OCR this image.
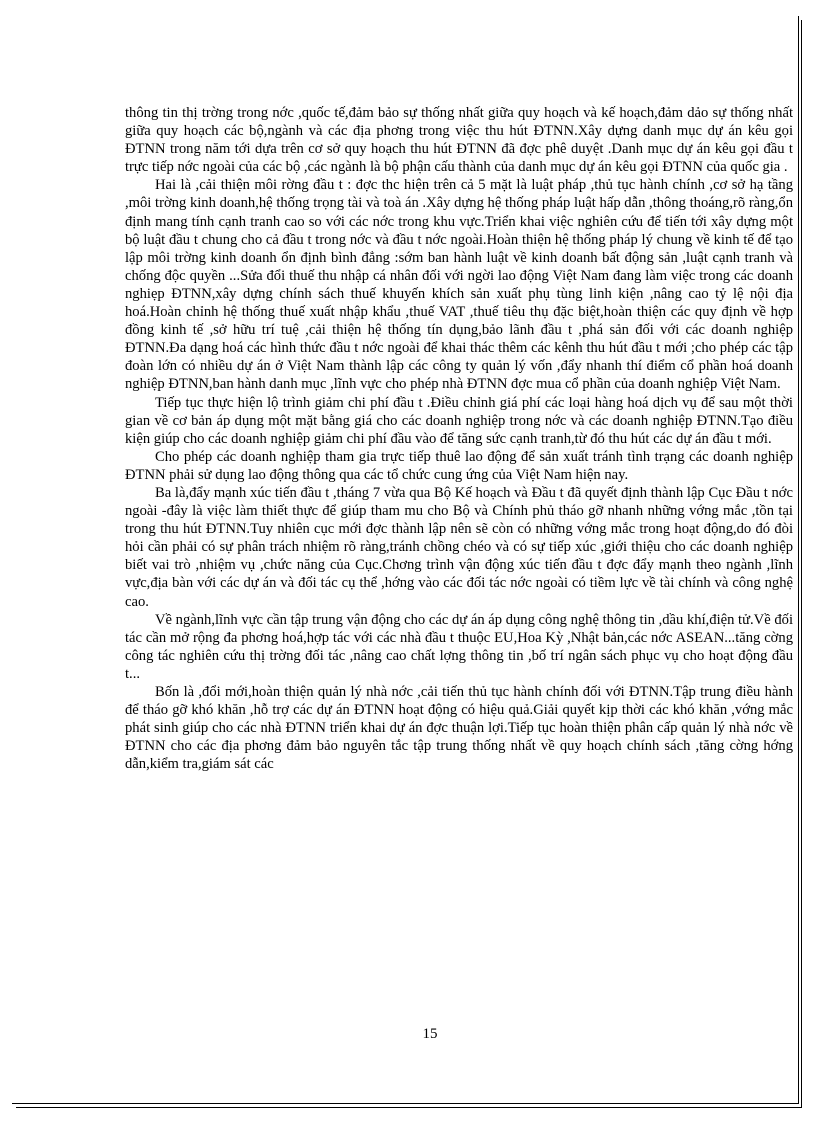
thông tin thị trờng trong nớc ,quốc tế,đảm bảo sự thống nhất giữa quy hoạch và kế hoạch,đảm dảo sự thống nhất giữa quy hoạch các bộ,ngành và các địa phơng trong việc thu hút ĐTNN.Xây dựng danh mục dự án kêu gọi ĐTNN trong năm tới dựa trên cơ sở quy hoạch thu hút ĐTNN đã đợc phê duyệt .Danh mục dự án kêu gọi đầu t trực tiếp nớc ngoài của các bộ ,các ngành là bộ phận cấu thành của danh mục dự án kêu gọi ĐTNN của quốc gia .

Hai là ,cải thiện môi rờng đầu t : đợc thc hiện trên cả 5 mặt là luật pháp ,thủ tục hành chính ,cơ sở hạ tầng ,môi trờng kinh doanh,hệ thống trọng tài và toà án .Xây dựng hệ thống pháp luật hấp dẫn ,thông thoáng,rõ ràng,ổn định mang tính cạnh tranh cao so với các nớc trong khu vực.Triển khai việc nghiên cứu để tiến tới xây dựng một bộ luật đầu t chung cho cả đầu t trong nớc và đầu t nớc ngoài.Hoàn thiện hệ thống pháp lý chung về kinh tế để tạo lập môi trờng kinh doanh ổn định bình đẳng :sớm ban hành luật về kinh doanh bất động sản ,luật cạnh tranh và chống độc quyền ...Sửa đổi thuế thu nhập cá nhân đối với ngời lao động Việt Nam đang làm việc trong các doanh nghiẹp ĐTNN,xây dựng chính sách thuế khuyến khích sản xuất phụ tùng linh kiện ,nâng cao tỷ lệ nội địa hoá.Hoàn chỉnh hệ thống thuế xuất nhập khẩu ,thuế VAT ,thuế tiêu thụ đặc biệt,hoàn thiện các quy định về hợp đồng kinh tế ,sở hữu trí tuệ ,cải thiện hệ thống tín dụng,bảo lãnh đầu t ,phá sản đối với các doanh nghiệp ĐTNN.Đa dạng hoá các hình thức đầu t nớc ngoài để khai thác thêm các kênh thu hút đầu t mới ;cho phép các tập đoàn lớn có nhiều dự án ở Việt Nam thành lập các công ty quản lý vốn ,đẩy nhanh thí điểm cổ phần hoá doanh nghiệp ĐTNN,ban hành danh mục ,lĩnh vực cho phép nhà ĐTNN đợc mua cổ phần của doanh nghiệp Việt Nam.

Tiếp tục thực hiện lộ trình giảm chi phí đầu t .Điều chỉnh giá phí các loại hàng hoá dịch vụ để sau một thời gian về cơ bản áp dụng một mặt bằng giá cho các doanh nghiệp trong nớc và các doanh nghiệp ĐTNN.Tạo điều kiện giúp cho các doanh nghiệp giảm chi phí đầu vào để tăng sức cạnh tranh,từ đó thu hút các dự án đầu t mới.

Cho phép các doanh nghiệp tham gia trực tiếp thuê lao động để sản xuất tránh tình trạng các doanh nghiệp ĐTNN phải sử dụng lao động thông qua các tổ chức cung ứng của Việt Nam hiện nay.

Ba là,đẩy mạnh xúc tiến đầu t ,tháng 7 vừa qua Bộ Kế hoạch và Đầu t đã quyết định thành lập Cục Đầu t nớc ngoài -đây là việc làm thiết thực để giúp tham mu cho Bộ và Chính phủ tháo gỡ nhanh những vớng mắc ,tồn tại trong thu hút ĐTNN.Tuy nhiên cục mới đợc thành lập nên sẽ còn có những vớng mắc trong hoạt động,do đó đòi hỏi cần phải có sự phân trách nhiệm rõ ràng,tránh chồng chéo và có sự tiếp xúc ,giới thiệu cho các doanh nghiệp biết vai trò ,nhiệm vụ ,chức năng của Cục.Chơng trình vận động xúc tiến đầu t đợc đẩy mạnh theo ngành ,lĩnh vực,địa bàn với các dự án và đối tác cụ thể ,hớng vào các đối tác nớc ngoài có tiềm lực về tài chính và công nghệ cao.

Về ngành,lĩnh vực cần tập trung vận động cho các dự án áp dụng công nghệ thông tin ,dầu khí,điện tử.Về đối tác cần mở rộng đa phơng hoá,hợp tác với các nhà đầu t thuộc EU,Hoa Kỳ ,Nhật bản,các nớc ASEAN...tăng cờng công tác nghiên cứu thị trờng đối tác ,nâng cao chất lợng thông tin ,bố trí ngân sách phục vụ cho hoạt động đầu t...

Bốn là ,đổi mới,hoàn thiện quản lý nhà nớc ,cải tiến thủ tục hành chính đối với ĐTNN.Tập trung điều hành để tháo gỡ khó khăn ,hỗ trợ các dự án ĐTNN hoạt động có hiệu quả.Giải quyết kịp thời các khó khăn ,vớng mắc phát sinh giúp cho các nhà ĐTNN triển khai dự án đợc thuận lợi.Tiếp tục hoàn thiện phân cấp quản lý nhà nớc về ĐTNN cho các địa phơng đảm bảo nguyên tắc tập trung thống nhất về quy hoạch chính sách ,tăng cờng hớng dẫn,kiểm tra,giám sát các

15
